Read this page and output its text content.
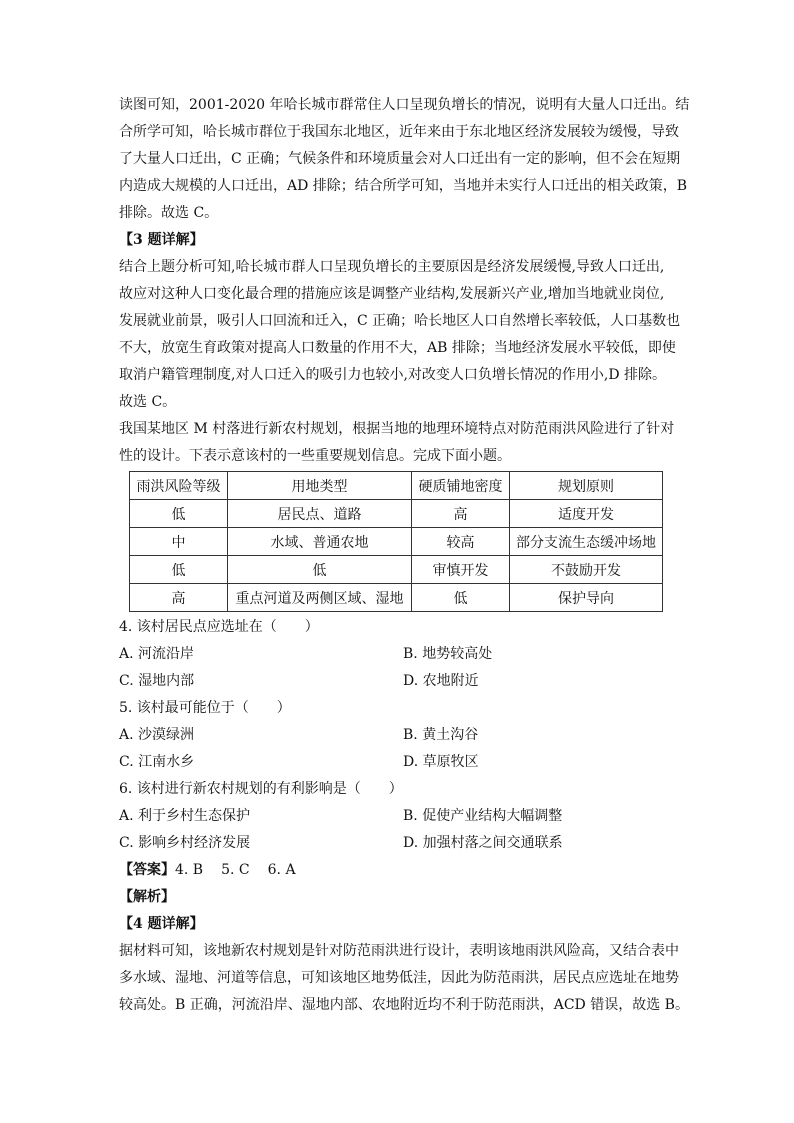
读图可知，2001-2020 年哈长城市群常住人口呈现负增长的情况，说明有大量人口迁出。结
合所学可知，哈长城市群位于我国东北地区，近年来由于东北地区经济发展较为缓慢，导致
了大量人口迁出，C 正确；气候条件和环境质量会对人口迁出有一定的影响，但不会在短期
内造成大规模的人口迁出，AD 排除；结合所学可知，当地并未实行人口迁出的相关政策，B
排除。故选 C。

【3 题详解】

结合上题分析可知,哈长城市群人口呈现负增长的主要原因是经济发展缓慢,导致人口迁出,
故应对这种人口变化最合理的措施应该是调整产业结构,发展新兴产业,增加当地就业岗位,
发展就业前景，吸引人口回流和迁入，C 正确；哈长地区人口自然增长率较低，人口基数也
不大，放宽生育政策对提高人口数量的作用不大，AB 排除；当地经济发展水平较低，即使
取消户籍管理制度,对人口迁入的吸引力也较小,对改变人口负增长情况的作用小,D 排除。
故选 C。

我国某地区 M 村落进行新农村规划，根据当地的地理环境特点对防范雨洪风险进行了针对
性的设计。下表示意该村的一些重要规划信息。完成下面小题。

雨洪风险等级	用地类型	硬质铺地密度	规划原则
低	居民点、道路	高	适度开发
中	水域、普通农地	较高	部分支流生态缓冲场地
低	低	审慎开发	不鼓励开发
高	重点河道及两侧区域、湿地	低	保护导向

4. 该村居民点应选址在（　　）

A. 河流沿岸	B. 地势较高处
C. 湿地内部	D. 农地附近

5. 该村最可能位于（　　）

A. 沙漠绿洲	B. 黄土沟谷
C. 江南水乡	D. 草原牧区

6. 该村进行新农村规划的有利影响是（　　）

A. 利于乡村生态保护	B. 促使产业结构大幅调整
C. 影响乡村经济发展	D. 加强村落之间交通联系

【答案】4. B 5. C 6. A

【解析】

【4 题详解】

据材料可知，该地新农村规划是针对防范雨洪进行设计，表明该地雨洪风险高，又结合表中
多水域、湿地、河道等信息，可知该地区地势低洼，因此为防范雨洪，居民点应选址在地势
较高处。B 正确，河流沿岸、湿地内部、农地附近均不利于防范雨洪，ACD 错误，故选 B。
